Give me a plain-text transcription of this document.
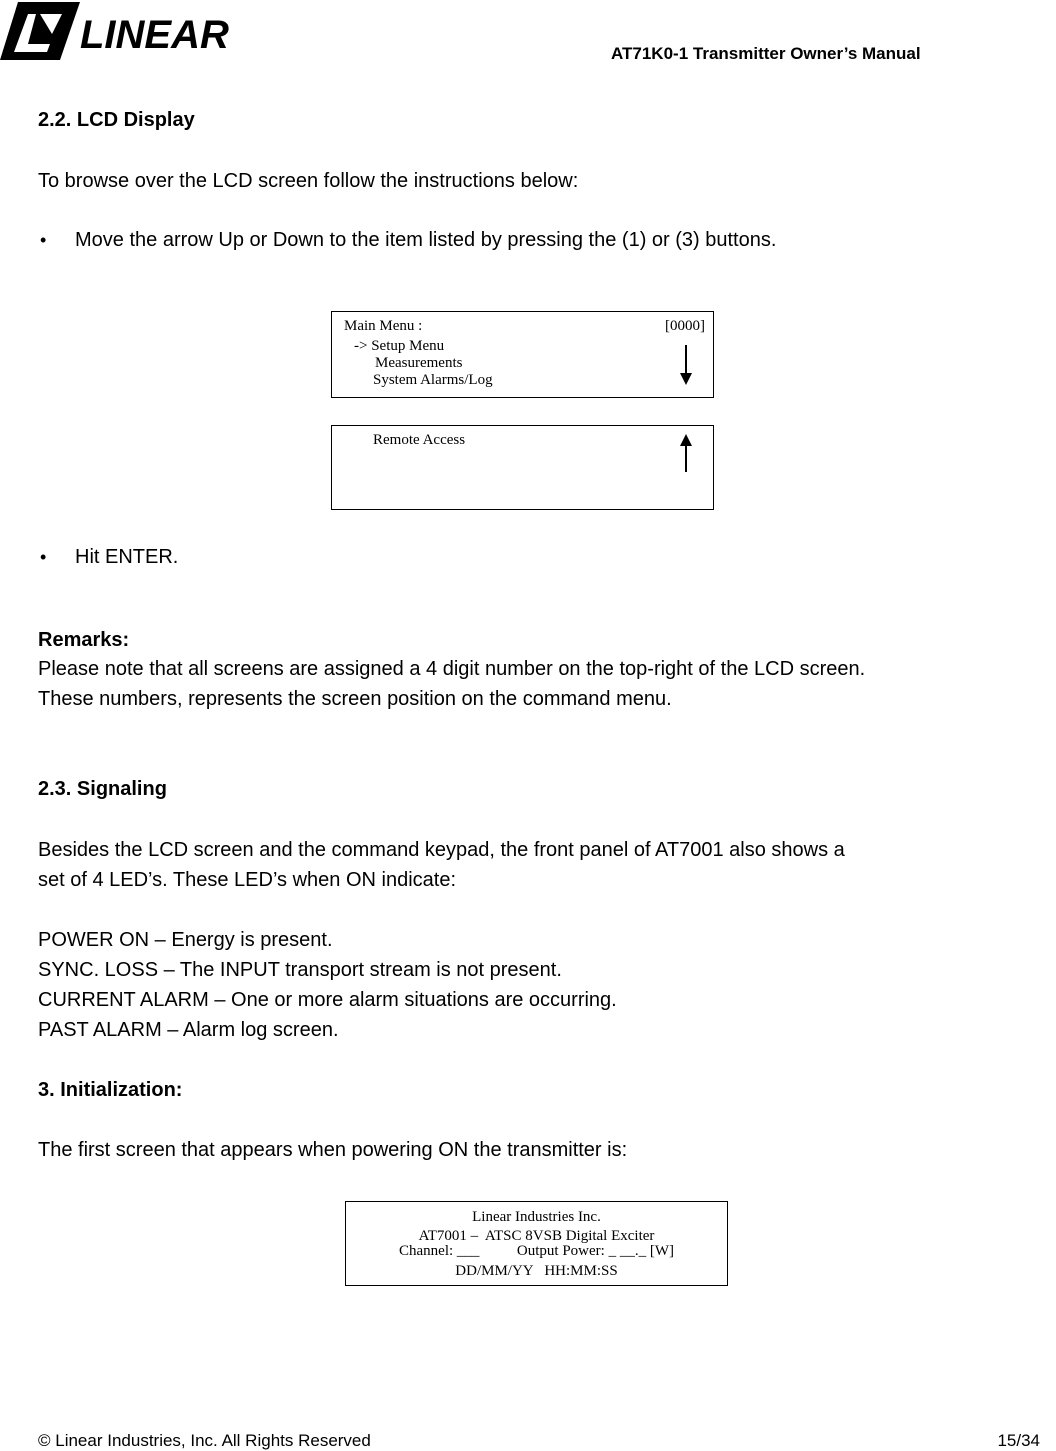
LINEAR	AT71K0-1 Transmitter Owner’s Manual
2.2. LCD Display
To browse over the LCD screen follow the instructions below:
• Move the arrow Up or Down to the item listed by pressing the (1) or (3) buttons.
Main Menu :	[0000]
-> Setup Menu
Measurements
System Alarms/Log
Remote Access
• Hit ENTER.
Remarks:
Please note that all screens are assigned a 4 digit number on the top-right of the LCD screen.
These numbers, represents the screen position on the command menu.
2.3. Signaling
Besides the LCD screen and the command keypad, the front panel of AT7001 also shows a
set of 4 LED’s. These LED’s when ON indicate:
POWER ON – Energy is present.
SYNC. LOSS – The INPUT transport stream is not present.
CURRENT ALARM – One or more alarm situations are occurring.
PAST ALARM – Alarm log screen.
3. Initialization:
The first screen that appears when powering ON the transmitter is:
Linear Industries Inc.
AT7001 –  ATSC 8VSB Digital Exciter
Channel: ___          Output Power: _ __._ [W]
DD/MM/YY   HH:MM:SS
© Linear Industries, Inc. All Rights Reserved	15/34
